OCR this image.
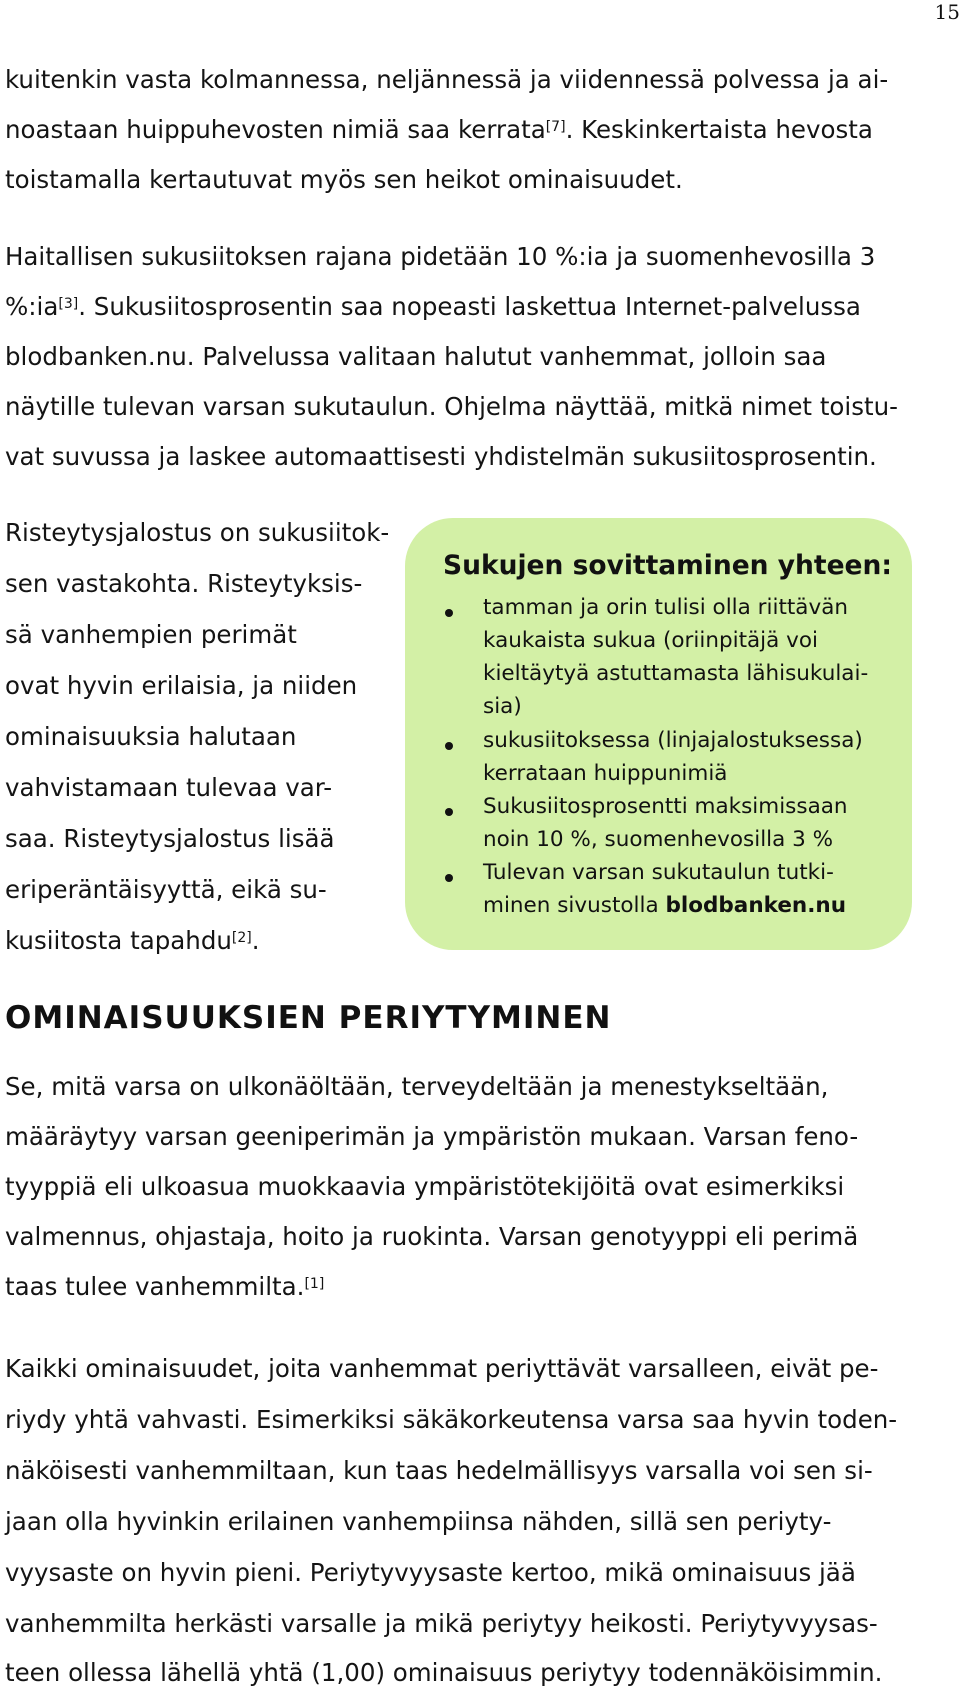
15
kuitenkin vasta kolmannessa, neljännessä ja viidennessä polvessa ja ai-
noastaan huippuhevosten nimiä saa kerrata[7]. Keskinkertaista hevosta
toistamalla kertautuvat myös sen heikot ominaisuudet.
Haitallisen sukusiitoksen rajana pidetään 10 %:ia ja suomenhevosilla 3
%:ia[3]. Sukusiitosprosentin saa nopeasti laskettua Internet-palvelussa
blodbanken.nu. Palvelussa valitaan halutut vanhemmat, jolloin saa
näytille tulevan varsan sukutaulun. Ohjelma näyttää, mitkä nimet toistu-
vat suvussa ja laskee automaattisesti yhdistelmän sukusiitosprosentin.
Risteytysjalostus on sukusiitok-
sen vastakohta. Risteytyksis-
sä vanhempien perimät
ovat hyvin erilaisia, ja niiden
ominaisuuksia halutaan
vahvistamaan tulevaa var-
saa. Risteytysjalostus lisää
eriperäntäisyyttä, eikä su-
kusiitosta tapahdu[2].
Sukujen sovittaminen yhteen:
tamman ja orin tulisi olla riittävän
kaukaista sukua (oriinpitäjä voi
kieltäytyä astuttamasta lähisukulai-
sia)
sukusiitoksessa (linjajalostuksessa)
kerrataan huippunimiä
Sukusiitosprosentti maksimissaan
noin 10 %, suomenhevosilla 3 %
Tulevan varsan sukutaulun tutki-
minen sivustolla blodbanken.nu
OMINAISUUKSIEN PERIYTYMINEN
Se, mitä varsa on ulkonäöltään, terveydeltään ja menestykseltään,
määräytyy varsan geeniperimän ja ympäristön mukaan. Varsan feno-
tyyppiä eli ulkoasua muokkaavia ympäristötekijöitä ovat esimerkiksi
valmennus, ohjastaja, hoito ja ruokinta. Varsan genotyyppi eli perimä
taas tulee vanhemmilta.[1]
Kaikki ominaisuudet, joita vanhemmat periyttävät varsalleen, eivät pe-
riydy yhtä vahvasti. Esimerkiksi säkäkorkeutensa varsa saa hyvin toden-
näköisesti vanhemmiltaan, kun taas hedelmällisyys varsalla voi sen si-
jaan olla hyvinkin erilainen vanhempiinsa nähden, sillä sen periyty-
vyysaste on hyvin pieni. Periytyvyysaste kertoo, mikä ominaisuus jää
vanhemmilta herkästi varsalle ja mikä periytyy heikosti. Periytyvyysas-
teen ollessa lähellä yhtä (1,00) ominaisuus periytyy todennäköisimmin.
